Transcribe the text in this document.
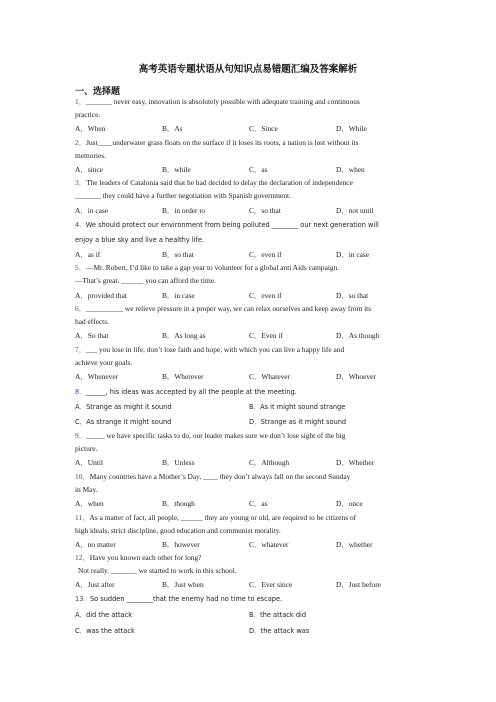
高考英语专题状语从句知识点易错题汇编及答案解析
一、选择题
1．_______ never easy, innovation is absolutely possible with adequate training and continuous
practice.
A．When	B．As	C．Since	D．While
2．Just____underwater grass floats on the surface if it loses its roots, a nation is lost without its
memories.
A．since	B．while	C．as	D．when
3．The leaders of Catalonia said that he had decided to delay the declaration of independence
_______ they could have a further negotiation with Spanish government.
A．in case	B．in order to	C．so that	D．not until
4．We should protect our environment from being polluted ________ our next generation will
enjoy a blue sky and live a healthy life.
A．as if	B．so that	C．even if	D．in case
5．—Mr. Robert, I’d like to take a gap year to volunteer for a global anti Aids campaign.
—That’s great. ______ you can afford the time.
A．provided that	B．in case	C．even if	D．so that
6．__________ we relieve pressure in a proper way, we can relax ourselves and keep away from its
bad effects.
A．So that	B．As long as	C．Even if	D．As though
7．___ you lose in life, don’t lose faith and hope, with which you can live a happy life and
achieve your goals.
A．Whenever	B．Wherever	C．Whatever	D．Whoever
8．______, his ideas was accepted by all the people at the meeting.
A．Strange as might it sound	B．As it might sound strange
C．As strange it might sound	D．Strange as it might sound
9．_____ we have specific tasks to do, our leader makes sure we don’t lose sight of the big
picture.
A．Until	B．Unless	C．Although	D．Whether
10．Many countries have a Mother’s Day, ____ they don’t always fall on the second Sunday
in May.
A．when	B．though	C．as	D．once
11．As a matter of fact, all people, ______ they are young or old, are required to be citizens of
high ideals, strict discipline, good education and communist morality.
A．no matter	B．however	C．whatever	D．whether
12．Have you known each other for long?
Not really. _______ we started to work in this school.
A．Just after	B．Just when	C．Ever since	D．Just before
13．So sudden ________that the enemy had no time to escape.
A．did the attack	B．the attack did
C．was the attack	D．the attack was
